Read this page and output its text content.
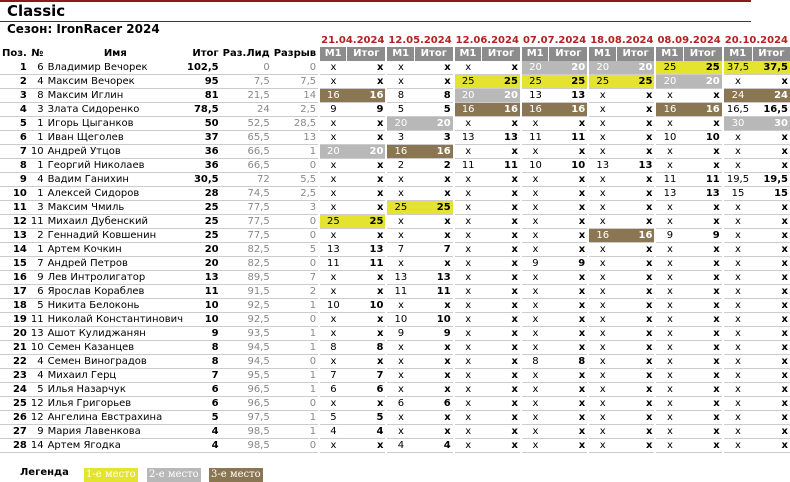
Classic
Сезон: IronRacer 2024
						21.04.2024		12.05.2024		12.06.2024		07.07.2024		18.08.2024		08.09.2024		20.10.2024	
Поз.	№	Имя	Итог	Раз.Лид	Разрыв	М1	Итог	М1	Итог	М1	Итог	М1	Итог	М1	Итог	М1	Итог	М1	Итог
1	6	Владимир Вечорек	102,5	0	0	x	x	x	x	x	x	20	20	20	20	25	25	37,5	37,5
2	4	Максим Вечорек	95	7,5	7,5	x	x	x	x	25	25	25	25	25	25	20	20	x	x
3	8	Максим Иглин	81	21,5	14	16	16	8	8	20	20	13	13	x	x	x	x	24	24
4	3	Злата Сидоренко	78,5	24	2,5	9	9	5	5	16	16	16	16	x	x	16	16	16,5	16,5
5	1	Игорь Цыганков	50	52,5	28,5	x	x	20	20	x	x	x	x	x	x	x	x	30	30
6	1	Иван Щеголев	37	65,5	13	x	x	3	3	13	13	11	11	x	x	10	10	x	x
7	10	Андрей Утцов	36	66,5	1	20	20	16	16	x	x	x	x	x	x	x	x	x	x
8	1	Георгий Николаев	36	66,5	0	x	x	2	2	11	11	10	10	13	13	x	x	x	x
9	4	Вадим Ганихин	30,5	72	5,5	x	x	x	x	x	x	x	x	x	x	11	11	19,5	19,5
10	1	Алексей Сидоров	28	74,5	2,5	x	x	x	x	x	x	x	x	x	x	13	13	15	15
11	3	Максим Чмиль	25	77,5	3	x	x	25	25	x	x	x	x	x	x	x	x	x	x
12	11	Михаил Дубенский	25	77,5	0	25	25	x	x	x	x	x	x	x	x	x	x	x	x
13	2	Геннадий Ковшенин	25	77,5	0	x	x	x	x	x	x	x	x	16	16	9	9	x	x
14	1	Артем Кочкин	20	82,5	5	13	13	7	7	x	x	x	x	x	x	x	x	x	x
15	7	Андрей Петров	20	82,5	0	11	11	x	x	x	x	9	9	x	x	x	x	x	x
16	9	Лев Интролигатор	13	89,5	7	x	x	13	13	x	x	x	x	x	x	x	x	x	x
17	6	Ярослав Кораблев	11	91,5	2	x	x	11	11	x	x	x	x	x	x	x	x	x	x
18	5	Никита Белоконь	10	92,5	1	10	10	x	x	x	x	x	x	x	x	x	x	x	x
19	11	Николай Константинович	10	92,5	0	x	x	10	10	x	x	x	x	x	x	x	x	x	x
20	13	Ашот Кулиджанян	9	93,5	1	x	x	9	9	x	x	x	x	x	x	x	x	x	x
21	10	Семен Казанцев	8	94,5	1	8	8	x	x	x	x	x	x	x	x	x	x	x	x
22	4	Семен Виноградов	8	94,5	0	x	x	x	x	x	x	8	8	x	x	x	x	x	x
23	4	Михаил Герц	7	95,5	1	7	7	x	x	x	x	x	x	x	x	x	x	x	x
24	5	Илья Назарчук	6	96,5	1	6	6	x	x	x	x	x	x	x	x	x	x	x	x
25	12	Илья Григорьев	6	96,5	0	x	x	6	6	x	x	x	x	x	x	x	x	x	x
26	12	Ангелина Евстрахина	5	97,5	1	5	5	x	x	x	x	x	x	x	x	x	x	x	x
27	9	Мария Лавенкова	4	98,5	1	4	4	x	x	x	x	x	x	x	x	x	x	x	x
28	14	Артем Ягодка	4	98,5	0	x	x	4	4	x	x	x	x	x	x	x	x	x	x
Легенда 1-е место 2-е место 3-е место
